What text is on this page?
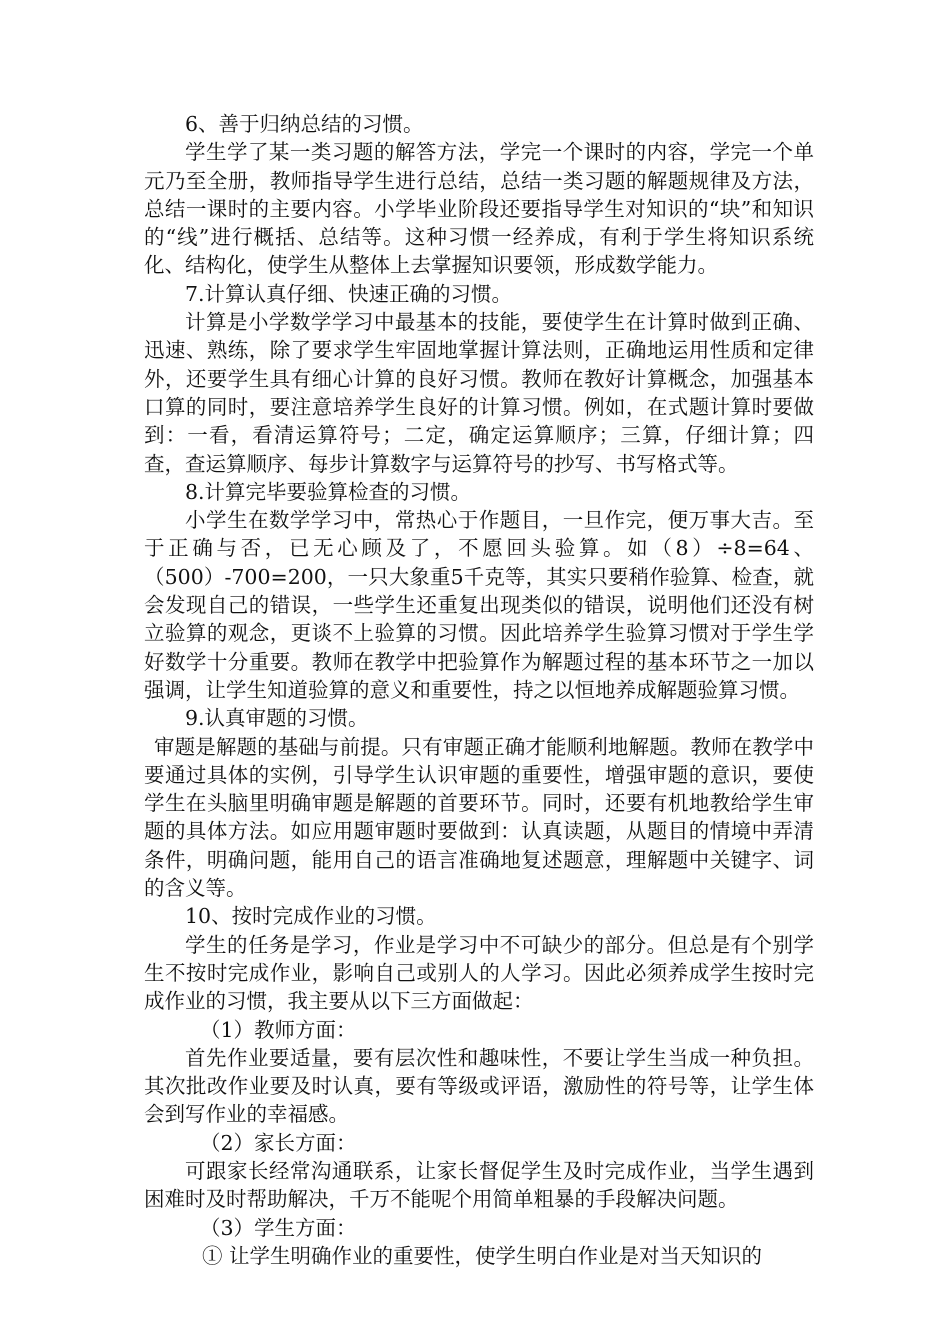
6、善于归纳总结的习惯。

学生学了某一类习题的解答方法，学完一个课时的内容，学完一个单元乃至全册，教师指导学生进行总结，总结一类习题的解题规律及方法，总结一课时的主要内容。小学毕业阶段还要指导学生对知识的“块”和知识的“线”进行概括、总结等。这种习惯一经养成，有利于学生将知识系统化、结构化，使学生从整体上去掌握知识要领，形成数学能力。

7.计算认真仔细、快速正确的习惯。

计算是小学数学学习中最基本的技能，要使学生在计算时做到正确、迅速、熟练，除了要求学生牢固地掌握计算法则，正确地运用性质和定律外，还要学生具有细心计算的良好习惯。教师在教好计算概念，加强基本口算的同时，要注意培养学生良好的计算习惯。例如，在式题计算时要做到：一看，看清运算符号；二定，确定运算顺序；三算，仔细计算；四查，查运算顺序、每步计算数字与运算符号的抄写、书写格式等。

8.计算完毕要验算检查的习惯。

小学生在数学学习中，常热心于作题目，一旦作完，便万事大吉。至于正确与否，已无心顾及了，不愿回头验算。如（8）÷8=64、（500）-700=200，一只大象重5千克等，其实只要稍作验算、检查，就会发现自己的错误，一些学生还重复出现类似的错误，说明他们还没有树立验算的观念，更谈不上验算的习惯。因此培养学生验算习惯对于学生学好数学十分重要。教师在教学中把验算作为解题过程的基本环节之一加以强调，让学生知道验算的意义和重要性，持之以恒地养成解题验算习惯。

9.认真审题的习惯。

审题是解题的基础与前提。只有审题正确才能顺利地解题。教师在教学中要通过具体的实例，引导学生认识审题的重要性，增强审题的意识，要使学生在头脑里明确审题是解题的首要环节。同时，还要有机地教给学生审题的具体方法。如应用题审题时要做到：认真读题，从题目的情境中弄清条件，明确问题，能用自己的语言准确地复述题意，理解题中关键字、词的含义等。

10、按时完成作业的习惯。

学生的任务是学习，作业是学习中不可缺少的部分。但总是有个别学生不按时完成作业，影响自己或别人的人学习。因此必须养成学生按时完成作业的习惯，我主要从以下三方面做起：

（1）教师方面：

首先作业要适量，要有层次性和趣味性，不要让学生当成一种负担。其次批改作业要及时认真，要有等级或评语，激励性的符号等，让学生体会到写作业的幸福感。

（2）家长方面：

可跟家长经常沟通联系，让家长督促学生及时完成作业，当学生遇到困难时及时帮助解决，千万不能呢个用简单粗暴的手段解决问题。

（3）学生方面：

① 让学生明确作业的重要性，使学生明白作业是对当天知识的
